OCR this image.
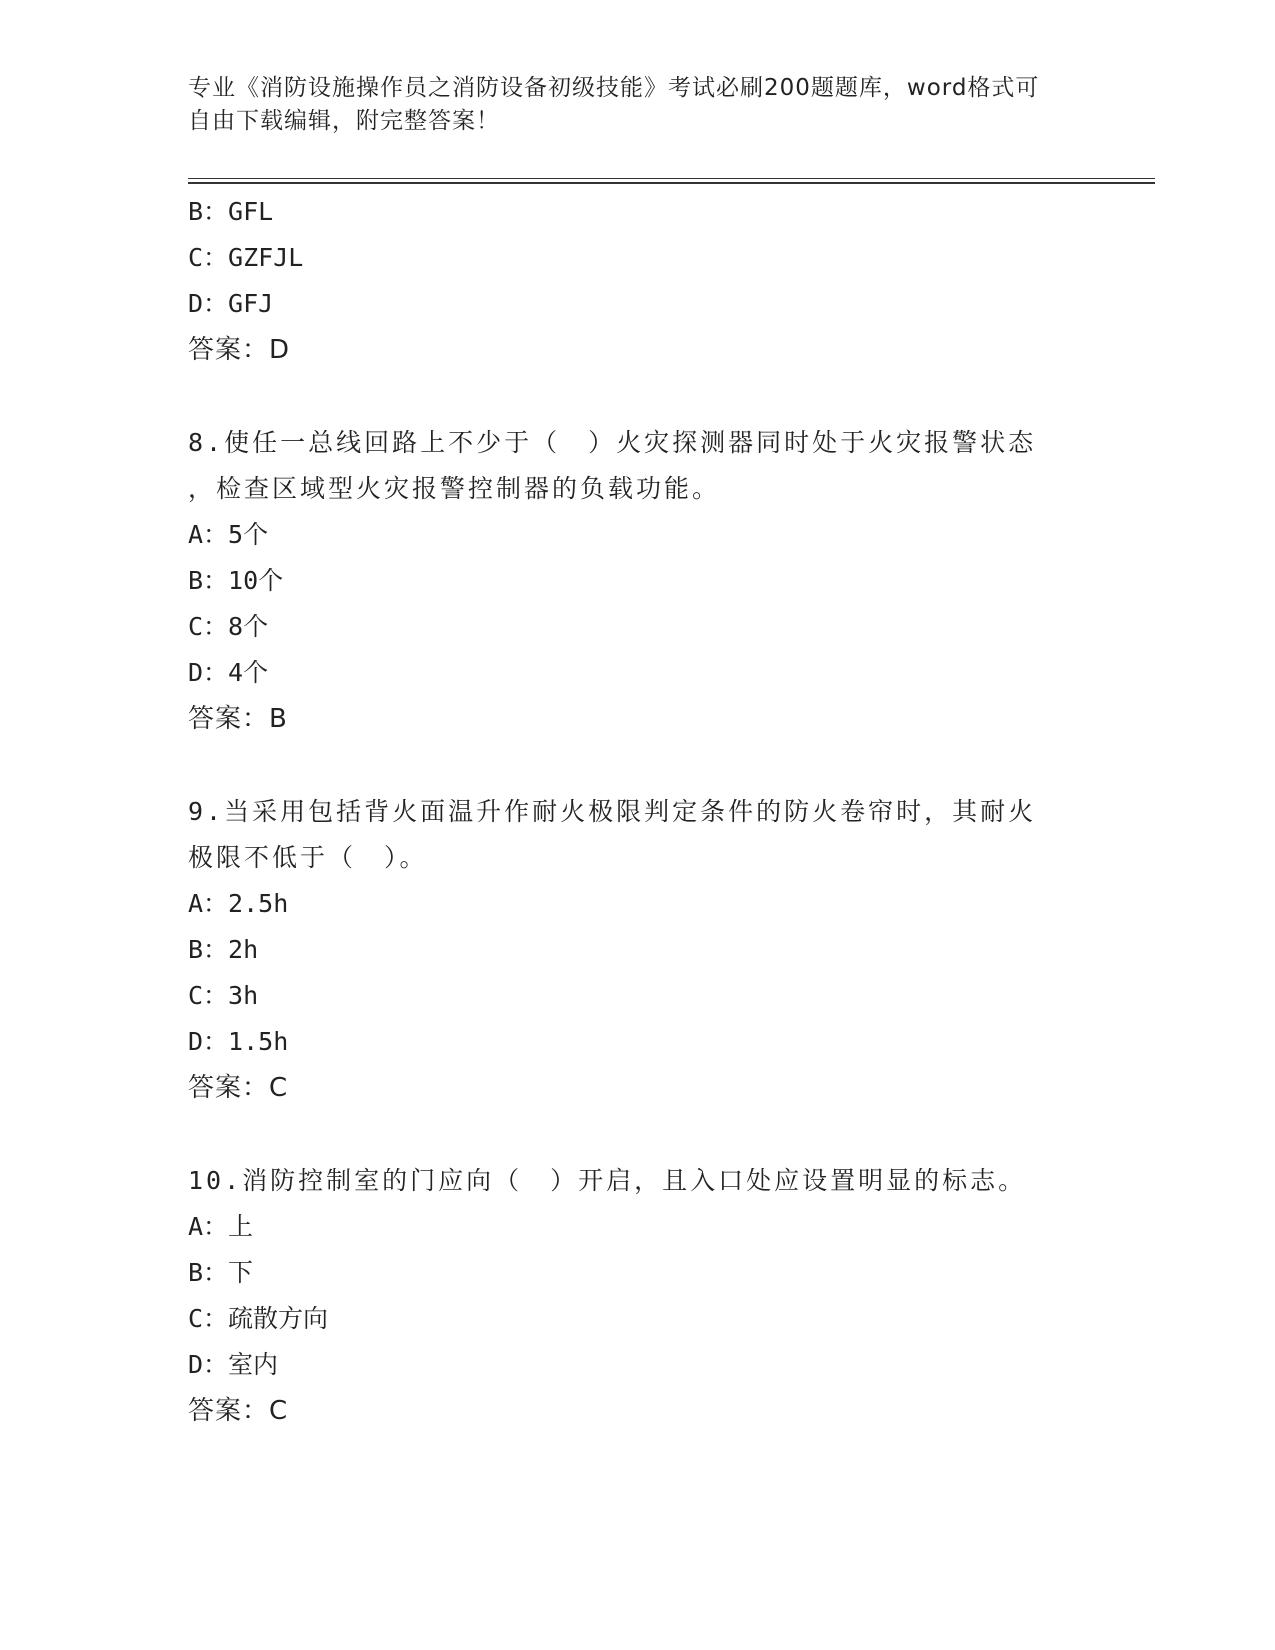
专业《消防设施操作员之消防设备初级技能》考试必刷200题题库，word格式可
自由下载编辑，附完整答案！
B：GFL
C：GZFJL
D：GFJ
答案：D
8.使任一总线回路上不少于（　）火灾探测器同时处于火灾报警状态
，检查区域型火灾报警控制器的负载功能。
A：5个
B：10个
C：8个
D：4个
答案：B
9.当采用包括背火面温升作耐火极限判定条件的防火卷帘时，其耐火
极限不低于（　）。
A：2.5h
B：2h
C：3h
D：1.5h
答案：C
10.消防控制室的门应向（　）开启，且入口处应设置明显的标志。
A：上
B：下
C：疏散方向
D：室内
答案：C
